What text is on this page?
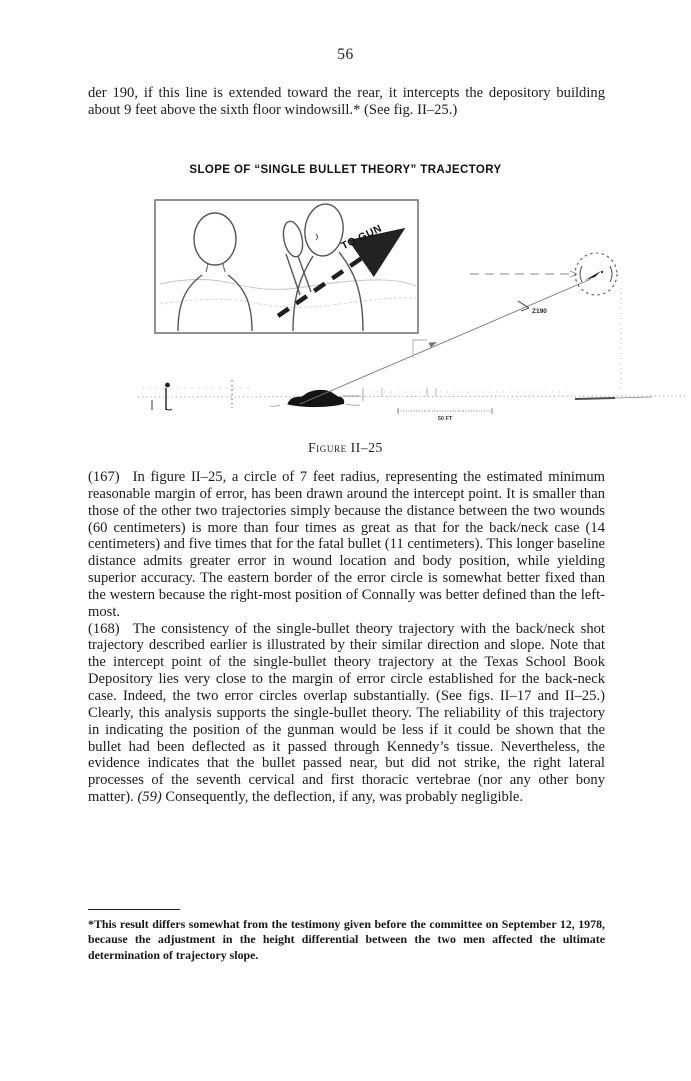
56
der 190, if this line is extended toward the rear, it intercepts the depository building about 9 feet above the sixth floor windowsill.* (See fig. II–25.)
SLOPE OF “SINGLE BULLET THEORY” TRAJECTORY
TO GUN
Z190
50 FT
Figure II–25

(167) In figure II–25, a circle of 7 feet radius, representing the estimated minimum reasonable margin of error, has been drawn around the intercept point. It is smaller than those of the other two trajectories simply because the distance between the two wounds (60 centimeters) is more than four times as great as that for the back/neck case (14 centimeters) and five times that for the fatal bullet (11 centimeters). This longer baseline distance admits greater error in wound location and body position, while yielding superior accuracy. The eastern border of the error circle is somewhat better fixed than the western because the right-most position of Connally was better defined than the left-most.

(168) The consistency of the single-bullet theory trajectory with the back/neck shot trajectory described earlier is illustrated by their similar direction and slope. Note that the intercept point of the single-bullet theory trajectory at the Texas School Book Depository lies very close to the margin of error circle established for the back-neck case. Indeed, the two error circles overlap substantially. (See figs. II–17 and II–25.) Clearly, this analysis supports the single-bullet theory. The reliability of this trajectory in indicating the position of the gunman would be less if it could be shown that the bullet had been deflected as it passed through Kennedy’s tissue. Nevertheless, the evidence indicates that the bullet passed near, but did not strike, the right lateral processes of the seventh cervical and first thoracic vertebrae (nor any other bony matter). (59) Consequently, the deflection, if any, was probably negligible.

*This result differs somewhat from the testimony given before the committee on September 12, 1978, because the adjustment in the height differential between the two men affected the ultimate determination of trajectory slope.
